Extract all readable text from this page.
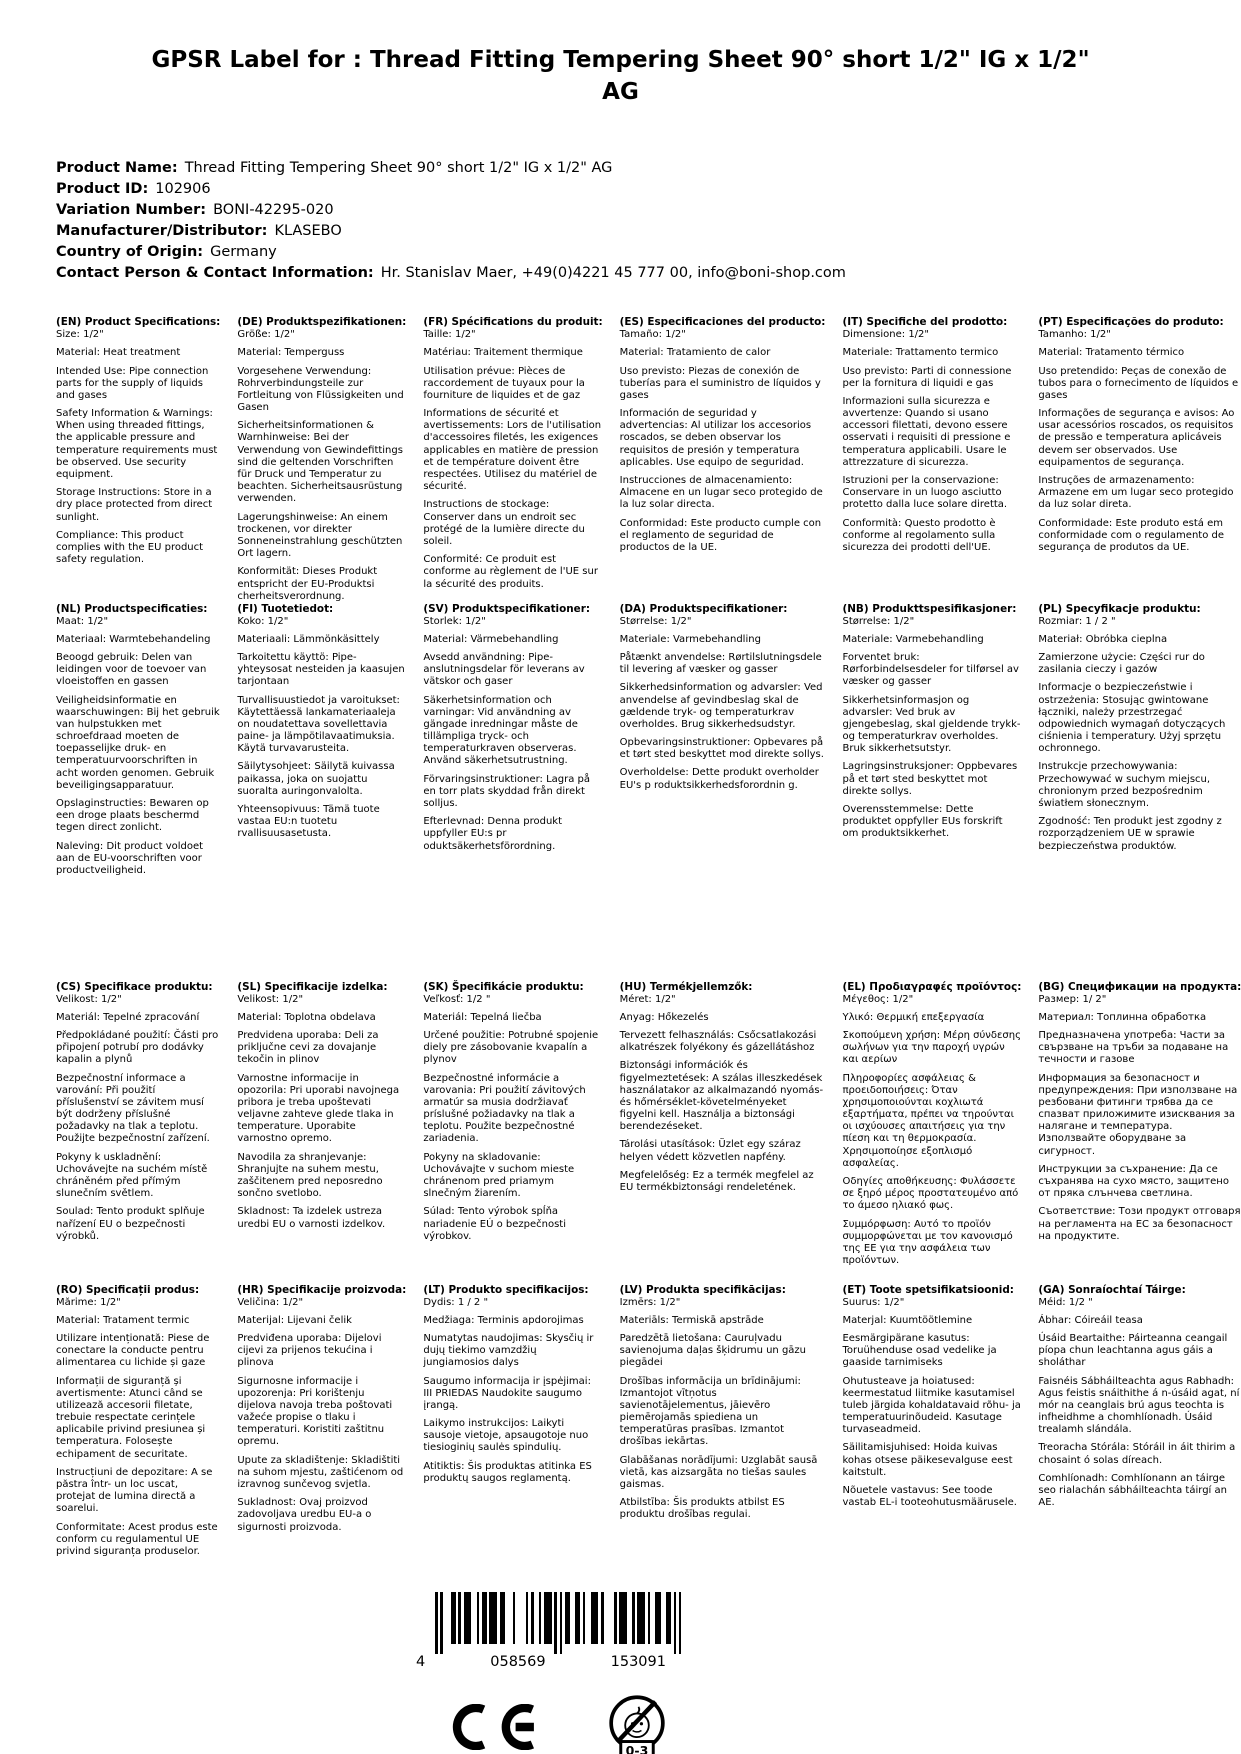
GPSR Label for : Thread Fitting Tempering Sheet 90° short 1/2" IG x 1/2" AG
Product Name: Thread Fitting Tempering Sheet 90° short 1/2" IG x 1/2" AG
Product ID: 102906
Variation Number: BONI-42295-020
Manufacturer/Distributor: KLASEBO
Country of Origin: Germany
Contact Person & Contact Information: Hr. Stanislav Maer, +49(0)4221 45 777 00, info@boni-shop.com
(EN) Product Specifications:
Size: 1/2"

Material: Heat treatment

Intended Use: Pipe connection parts for the supply of liquids and gases

Safety Information & Warnings: When using threaded fittings, the applicable pressure and temperature requirements must be observed. Use security equipment.

Storage Instructions: Store in a dry place protected from direct sunlight.

Compliance: This product complies with the EU product safety regulation.

(DE) Produktspezifikationen:
Größe: 1/2"

Material: Temperguss

Vorgesehene Verwendung: Rohrverbindungsteile zur Fortleitung von Flüssigkeiten und Gasen

Sicherheitsinformationen & Warnhinweise: Bei der Verwendung von Gewindefittings sind die geltenden Vorschriften für Druck und Temperatur zu beachten. Sicherheitsausrüstung verwenden.

Lagerungshinweise: An einem trockenen, vor direkter Sonneneinstrahlung geschützten Ort lagern.

Konformität: Dieses Produkt entspricht der EU-Produktsi cherheitsverordnung.

(FR) Spécifications du produit:
Taille: 1/2"

Matériau: Traitement thermique

Utilisation prévue: Pièces de raccordement de tuyaux pour la fourniture de liquides et de gaz

Informations de sécurité et avertissements: Lors de l'utilisation d'accessoires filetés, les exigences applicables en matière de pression et de température doivent être respectées. Utilisez du matériel de sécurité.

Instructions de stockage: Conserver dans un endroit sec protégé de la lumière directe du soleil.

Conformité: Ce produit est conforme au règlement de l'UE sur la sécurité des produits.

(ES) Especificaciones del producto:
Tamaño: 1/2"

Material: Tratamiento de calor

Uso previsto: Piezas de conexión de tuberías para el suministro de líquidos y gases

Información de seguridad y advertencias: Al utilizar los accesorios roscados, se deben observar los requisitos de presión y temperatura aplicables. Use equipo de seguridad.

Instrucciones de almacenamiento: Almacene en un lugar seco protegido de la luz solar directa.

Conformidad: Este producto cumple con el reglamento de seguridad de productos de la UE.

(IT) Specifiche del prodotto:
Dimensione: 1/2"

Materiale: Trattamento termico

Uso previsto: Parti di connessione per la fornitura di liquidi e gas

Informazioni sulla sicurezza e avvertenze: Quando si usano accessori filettati, devono essere osservati i requisiti di pressione e temperatura applicabili. Usare le attrezzature di sicurezza.

Istruzioni per la conservazione: Conservare in un luogo asciutto protetto dalla luce solare diretta.

Conformità: Questo prodotto è conforme al regolamento sulla sicurezza dei prodotti dell'UE.

(PT) Especificações do produto:
Tamanho: 1/2"

Material: Tratamento térmico

Uso pretendido: Peças de conexão de tubos para o fornecimento de líquidos e gases

Informações de segurança e avisos: Ao usar acessórios roscados, os requisitos de pressão e temperatura aplicáveis devem ser observados. Use equipamentos de segurança.

Instruções de armazenamento: Armazene em um lugar seco protegido da luz solar direta.

Conformidade: Este produto está em conformidade com o regulamento de segurança de produtos da UE.

(NL) Productspecificaties:
Maat: 1/2"

Materiaal: Warmtebehandeling

Beoogd gebruik: Delen van leidingen voor de toevoer van vloeistoffen en gassen

Veiligheidsinformatie en waarschuwingen: Bij het gebruik van hulpstukken met schroefdraad moeten de toepasselijke druk- en temperatuurvoorschriften in acht worden genomen. Gebruik beveiligingsapparatuur.

Opslaginstructies: Bewaren op een droge plaats beschermd tegen direct zonlicht.

Naleving: Dit product voldoet aan de EU-voorschriften voor productveiligheid.

(FI) Tuotetiedot:
Koko: 1/2"

Materiaali: Lämmönkäsittely

Tarkoitettu käyttö: Pipe-yhteysosat nesteiden ja kaasujen tarjontaan

Turvallisuustiedot ja varoitukset: Käytettäessä lankamateriaaleja on noudatettava sovellettavia paine- ja lämpötilavaatimuksia. Käytä turvavarusteita.

Säilytysohjeet: Säilytä kuivassa paikassa, joka on suojattu suoralta auringonvalolta.

Yhteensopivuus: Tämä tuote vastaa EU:n tuotetu rvallisuusasetusta.

(SV) Produktspecifikationer:
Storlek: 1/2"

Material: Värmebehandling

Avsedd användning: Pipe-anslutningsdelar för leverans av vätskor och gaser

Säkerhetsinformation och varningar: Vid användning av gängade inredningar måste de tillämpliga tryck- och temperaturkraven observeras. Använd säkerhetsutrustning.

Förvaringsinstruktioner: Lagra på en torr plats skyddad från direkt solljus.

Efterlevnad: Denna produkt uppfyller EU:s pr oduktsäkerhetsförordning.

(DA) Produktspecifikationer:
Størrelse: 1/2"

Materiale: Varmebehandling

Påtænkt anvendelse: Rørtilslutningsdele til levering af væsker og gasser

Sikkerhedsinformation og advarsler: Ved anvendelse af gevindbeslag skal de gældende tryk- og temperaturkrav overholdes. Brug sikkerhedsudstyr.

Opbevaringsinstruktioner: Opbevares på et tørt sted beskyttet mod direkte sollys.

Overholdelse: Dette produkt overholder EU's p roduktsikkerhedsforordnin g.

(NB) Produkttspesifikasjoner:
Størrelse: 1/2"

Materiale: Varmebehandling

Forventet bruk: Rørforbindelsesdeler for tilførsel av væsker og gasser

Sikkerhetsinformasjon og advarsler: Ved bruk av gjengebeslag, skal gjeldende trykk- og temperaturkrav overholdes. Bruk sikkerhetsutstyr.

Lagringsinstruksjoner: Oppbevares på et tørt sted beskyttet mot direkte sollys.

Overensstemmelse: Dette produktet oppfyller EUs forskrift om produktsikkerhet.

(PL) Specyfikacje produktu:
Rozmiar: 1 / 2 "

Materiał: Obróbka cieplna

Zamierzone użycie: Części rur do zasilania cieczy i gazów

Informacje o bezpieczeństwie i ostrzeżenia: Stosując gwintowane łączniki, należy przestrzegać odpowiednich wymagań dotyczących ciśnienia i temperatury. Użyj sprzętu ochronnego.

Instrukcje przechowywania: Przechowywać w suchym miejscu, chronionym przed bezpośrednim światłem słonecznym.

Zgodność: Ten produkt jest zgodny z rozporządzeniem UE w sprawie bezpieczeństwa produktów.

(CS) Specifikace produktu:
Velikost: 1/2"

Materiál: Tepelné zpracování

Předpokládané použití: Části pro připojení potrubí pro dodávky kapalin a plynů

Bezpečnostní informace a varování: Při použití příslušenství se závitem musí být dodrženy příslušné požadavky na tlak a teplotu. Použijte bezpečnostní zařízení.

Pokyny k uskladnění: Uchovávejte na suchém místě chráněném před přímým slunečním světlem.

Soulad: Tento produkt splňuje nařízení EU o bezpečnosti výrobků.

(SL) Specifikacije izdelka:
Velikost: 1/2"

Material: Toplotna obdelava

Predvidena uporaba: Deli za priključne cevi za dovajanje tekočin in plinov

Varnostne informacije in opozorila: Pri uporabi navojnega pribora je treba upoštevati veljavne zahteve glede tlaka in temperature. Uporabite varnostno opremo.

Navodila za shranjevanje: Shranjujte na suhem mestu, zaščitenem pred neposredno sončno svetlobo.

Skladnost: Ta izdelek ustreza uredbi EU o varnosti izdelkov.

(SK) Špecifikácie produktu:
Veľkosť: 1/2 "

Materiál: Tepelná liečba

Určené použitie: Potrubné spojenie diely pre zásobovanie kvapalín a plynov

Bezpečnostné informácie a varovania: Pri použití závitových armatúr sa musia dodržiavať príslušné požiadavky na tlak a teplotu. Použite bezpečnostné zariadenia.

Pokyny na skladovanie: Uchovávajte v suchom mieste chránenom pred priamym slnečným žiarením.

Súlad: Tento výrobok spĺňa nariadenie EÚ o bezpečnosti výrobkov.

(HU) Termékjellemzők:
Méret: 1/2"

Anyag: Hőkezelés

Tervezett felhasználás: Csőcsatlakozási alkatrészek folyékony és gázellátáshoz

Biztonsági információk és figyelmeztetések: A szálas illeszkedések használatakor az alkalmazandó nyomás- és hőmérséklet-követelményeket figyelni kell. Használja a biztonsági berendezéseket.

Tárolási utasítások: Üzlet egy száraz helyen védett közvetlen napfény.

Megfelelőség: Ez a termék megfelel az EU termékbiztonsági rendeletének.

(EL) Προδιαγραφές προϊόντος:
Μέγεθος: 1/2"

Υλικό: Θερμική επεξεργασία

Σκοπούμενη χρήση: Μέρη σύνδεσης σωλήνων για την παροχή υγρών και αερίων

Πληροφορίες ασφάλειας & προειδοποιήσεις: Όταν χρησιμοποιούνται κοχλιωτά εξαρτήματα, πρέπει να τηρούνται οι ισχύουσες απαιτήσεις για την πίεση και τη θερμοκρασία. Χρησιμοποίησε εξοπλισμό ασφαλείας.

Οδηγίες αποθήκευσης: Φυλάσσετε σε ξηρό μέρος προστατευμένο από το άμεσο ηλιακό φως.

Συμμόρφωση: Αυτό το προϊόν συμμορφώνεται με τον κανονισμό της ΕΕ για την ασφάλεια των προϊόντων.

(BG) Спецификации на продукта:
Размер: 1/ 2"

Материал: Топлинна обработка

Предназначена употреба: Части за свързване на тръби за подаване на течности и газове

Информация за безопасност и предупреждения: При използване на резбовани фитинги трябва да се спазват приложимите изисквания за налягане и температура. Използвайте оборудване за сигурност.

Инструкции за съхранение: Да се съхранява на сухо място, защитено от пряка слънчева светлина.

Съответствие: Този продукт отговаря на регламента на ЕС за безопасност на продуктите.

(RO) Specificații produs:
Mărime: 1/2"

Material: Tratament termic

Utilizare intenționată: Piese de conectare la conducte pentru alimentarea cu lichide și gaze

Informații de siguranță și avertismente: Atunci când se utilizează accesorii filetate, trebuie respectate cerințele aplicabile privind presiunea și temperatura. Folosește echipament de securitate.

Instrucțiuni de depozitare: A se păstra într- un loc uscat, protejat de lumina directă a soarelui.

Conformitate: Acest produs este conform cu regulamentul UE privind siguranța produselor.

(HR) Specifikacije proizvoda:
Veličina: 1/2"

Materijal: Lijevani čelik

Predviđena uporaba: Dijelovi cijevi za prijenos tekućina i plinova

Sigurnosne informacije i upozorenja: Pri korištenju dijelova navoja treba poštovati važeće propise o tlaku i temperaturi. Koristiti zaštitnu opremu.

Upute za skladištenje: Skladištiti na suhom mjestu, zaštićenom od izravnog sunčevog svjetla.

Sukladnost: Ovaj proizvod zadovoljava uredbu EU-a o sigurnosti proizvoda.

(LT) Produkto specifikacijos:
Dydis: 1 / 2 "

Medžiaga: Terminis apdorojimas

Numatytas naudojimas: Skysčių ir dujų tiekimo vamzdžių jungiamosios dalys

Saugumo informacija ir įspėjimai: III PRIEDAS Naudokite saugumo įrangą.

Laikymo instrukcijos: Laikyti sausoje vietoje, apsaugotoje nuo tiesioginių saulės spindulių.

Atitiktis: Šis produktas atitinka ES produktų saugos reglamentą.

(LV) Produkta specifikācijas:
Izmērs: 1/2"

Materiāls: Termiskā apstrāde

Paredzētā lietošana: Cauruļvadu savienojuma daļas šķidrumu un gāzu piegādei

Drošības informācija un brīdinājumi: Izmantojot vītņotus savienotājelementus, jāievēro piemērojamās spiediena un temperatūras prasības. Izmantot drošības iekārtas.

Glabāšanas norādījumi: Uzglabāt sausā vietā, kas aizsargāta no tiešas saules gaismas.

Atbilstība: Šis produkts atbilst ES produktu drošības regulai.

(ET) Toote spetsifikatsioonid:
Suurus: 1/2"

Materjal: Kuumtöötlemine

Eesmärgipärane kasutus: Toruühenduse osad vedelike ja gaaside tarnimiseks

Ohutusteave ja hoiatused: keermestatud liitmike kasutamisel tuleb järgida kohaldatavaid rõhu- ja temperatuurinõudeid. Kasutage turvaseadmeid.

Säilitamisjuhised: Hoida kuivas kohas otsese päikesevalguse eest kaitstult.

Nõuetele vastavus: See toode vastab EL-i tooteohutusmäärusele.

(GA) Sonraíochtaí Táirge:
Méid: 1/2 "

Ábhar: Cóireáil teasa

Úsáid Beartaithe: Páirteanna ceangail píopa chun leachtanna agus gáis a sholáthar

Faisnéis Sábháilteachta agus Rabhadh: Agus feistis snáithithe á n-úsáid agat, ní mór na ceanglais brú agus teochta is infheidhme a chomhlíonadh. Úsáid trealamh slándála.

Treoracha Stórála: Stóráil in áit thirim a chosaint ó solas díreach.

Comhlíonadh: Comhlíonann an táirge seo rialachán sábháilteachta táirgí an AE.

4	058569	153091
0-3
